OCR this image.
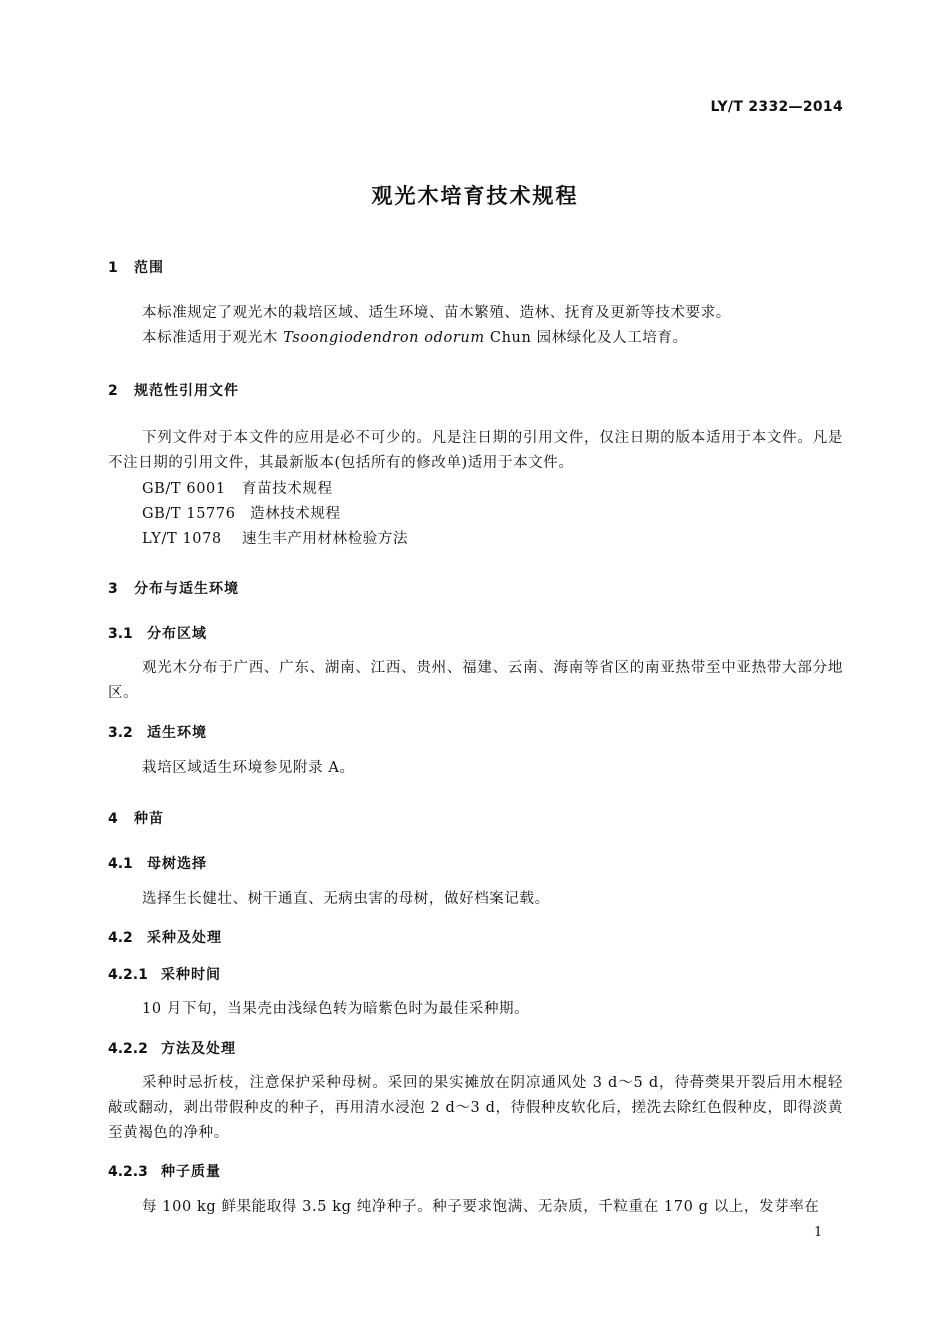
LY/T 2332—2014
观光木培育技术规程
1 范围

本标准规定了观光木的栽培区域、适生环境、苗木繁殖、造林、抚育及更新等技术要求。

本标准适用于观光木 Tsoongiodendron odorum Chun 园林绿化及人工培育。

2 规范性引用文件

下列文件对于本文件的应用是必不可少的。凡是注日期的引用文件，仅注日期的版本适用于本文件。凡是不注日期的引用文件，其最新版本(包括所有的修改单)适用于本文件。

GB/T 6001 育苗技术规程
GB/T 15776 造林技术规程
LY/T 1078 速生丰产用材林检验方法
3 分布与适生环境
3.1 分布区域

观光木分布于广西、广东、湖南、江西、贵州、福建、云南、海南等省区的南亚热带至中亚热带大部分地区。

3.2 适生环境

栽培区域适生环境参见附录 A。

4 种苗
4.1 母树选择

选择生长健壮、树干通直、无病虫害的母树，做好档案记载。

4.2 采种及处理
4.2.1 采种时间

10 月下旬，当果壳由浅绿色转为暗紫色时为最佳采种期。

4.2.2 方法及处理

采种时忌折枝，注意保护采种母树。采回的果实摊放在阴凉通风处 3 d～5 d，待蓇葖果开裂后用木棍轻敲或翻动，剥出带假种皮的种子，再用清水浸泡 2 d～3 d，待假种皮软化后，搓洗去除红色假种皮，即得淡黄至黄褐色的净种。

4.2.3 种子质量

每 100 kg 鲜果能取得 3.5 kg 纯净种子。种子要求饱满、无杂质，千粒重在 170 g 以上，发芽率在

1
